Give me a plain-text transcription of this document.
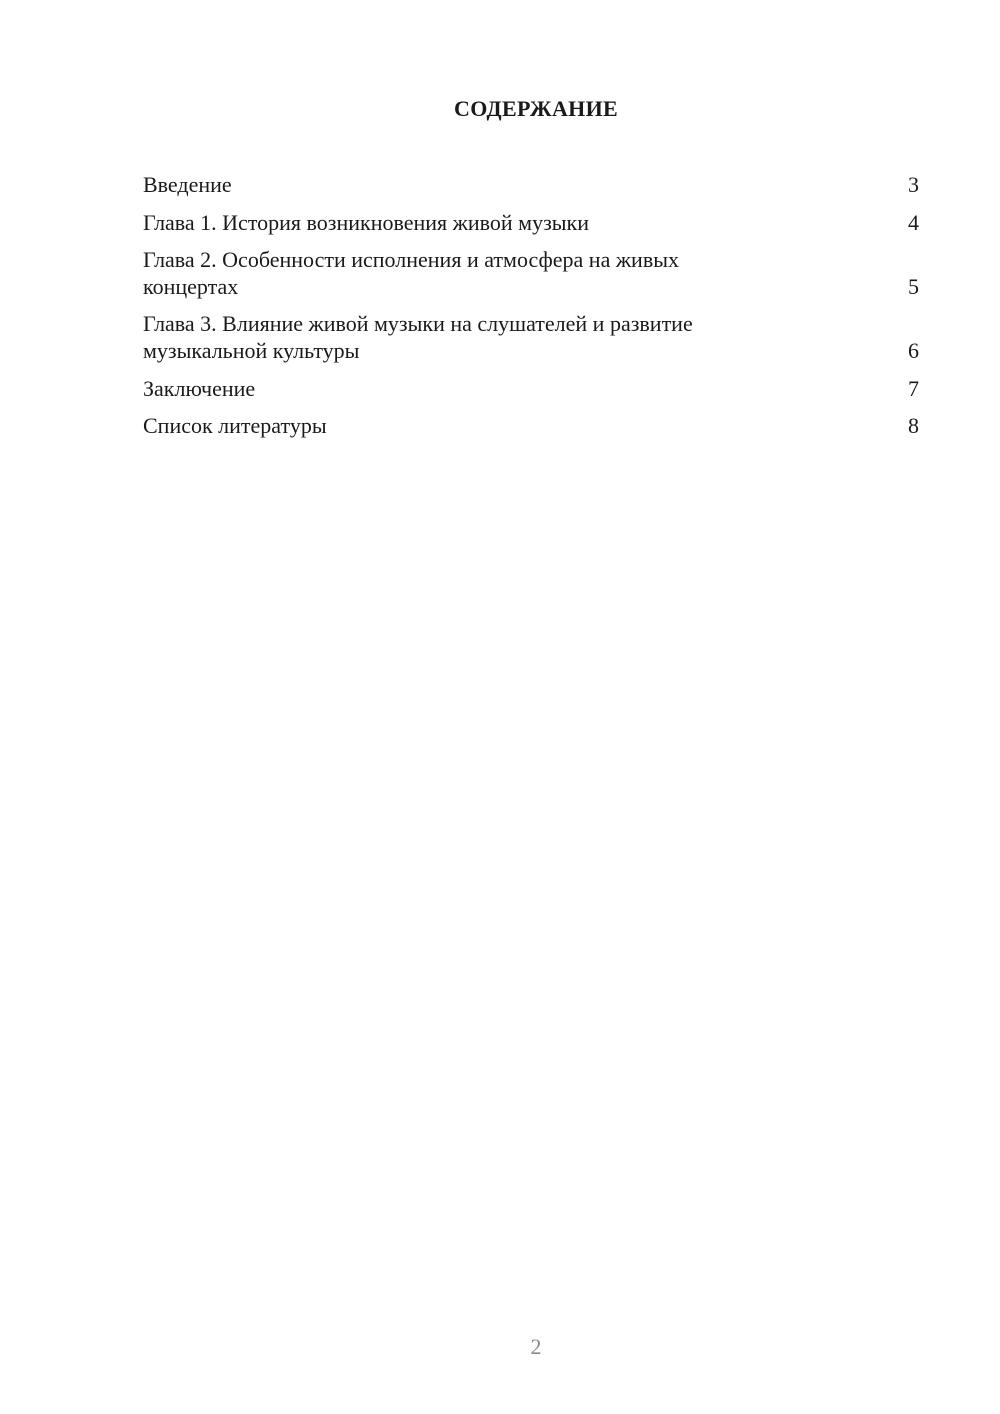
СОДЕРЖАНИЕ
Введение	3
Глава 1. История возникновения живой музыки	4
Глава 2. Особенности исполнения и атмосфера на живых
концертах	5
Глава 3. Влияние живой музыки на слушателей и развитие
музыкальной культуры	6
Заключение	7
Список литературы	8
2
